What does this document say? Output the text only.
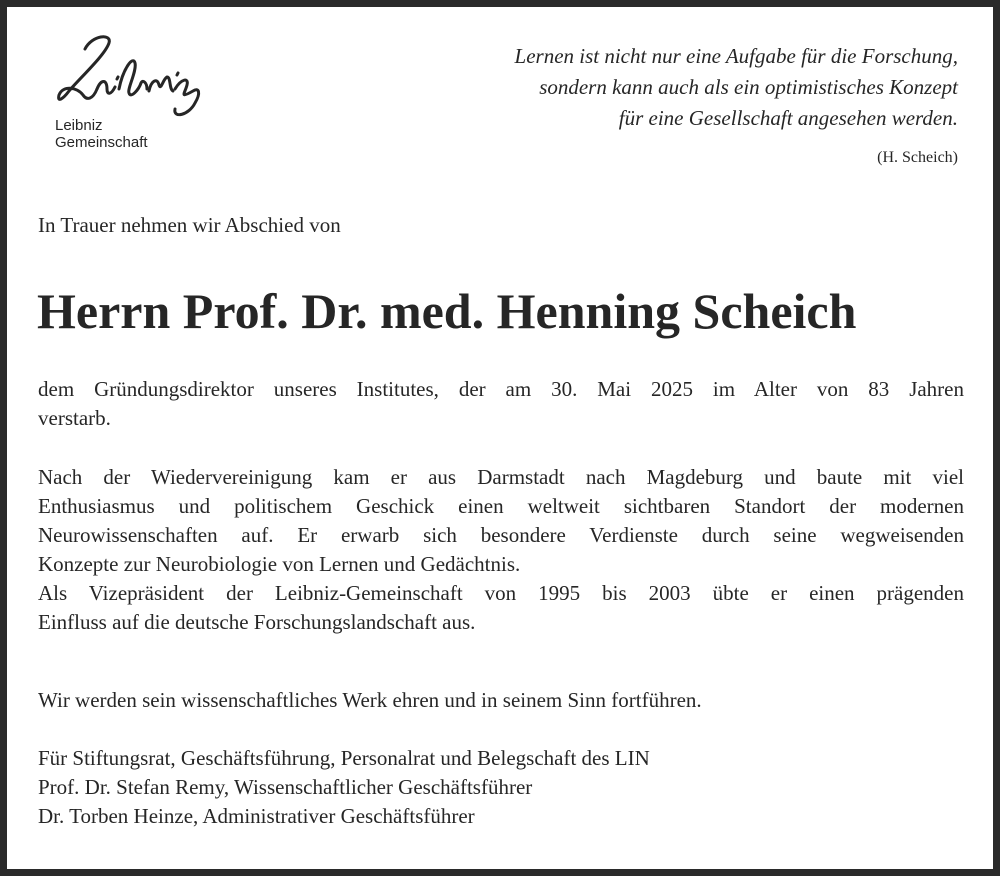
Leibniz
Gemeinschaft
Lernen ist nicht nur eine Aufgabe für die Forschung,
sondern kann auch als ein optimistisches Konzept
für eine Gesellschaft angesehen werden.
(H. Scheich)
In Trauer nehmen wir Abschied von
Herrn Prof. Dr. med. Henning Scheich
dem Gründungsdirektor unseres Institutes, der am 30. Mai 2025 im Alter von 83 Jahren
verstarb.
Nach der Wiedervereinigung kam er aus Darmstadt nach Magdeburg und baute mit viel
Enthusiasmus und politischem Geschick einen weltweit sichtbaren Standort der modernen
Neurowissenschaften auf. Er erwarb sich besondere Verdienste durch seine wegweisenden
Konzepte zur Neurobiologie von Lernen und Gedächtnis.
Als Vizepräsident der Leibniz-Gemeinschaft von 1995 bis 2003 übte er einen prägenden
Einfluss auf die deutsche Forschungslandschaft aus.
Wir werden sein wissenschaftliches Werk ehren und in seinem Sinn fortführen.
Für Stiftungsrat, Geschäftsführung, Personalrat und Belegschaft des LIN
Prof. Dr. Stefan Remy, Wissenschaftlicher Geschäftsführer
Dr. Torben Heinze, Administrativer Geschäftsführer
